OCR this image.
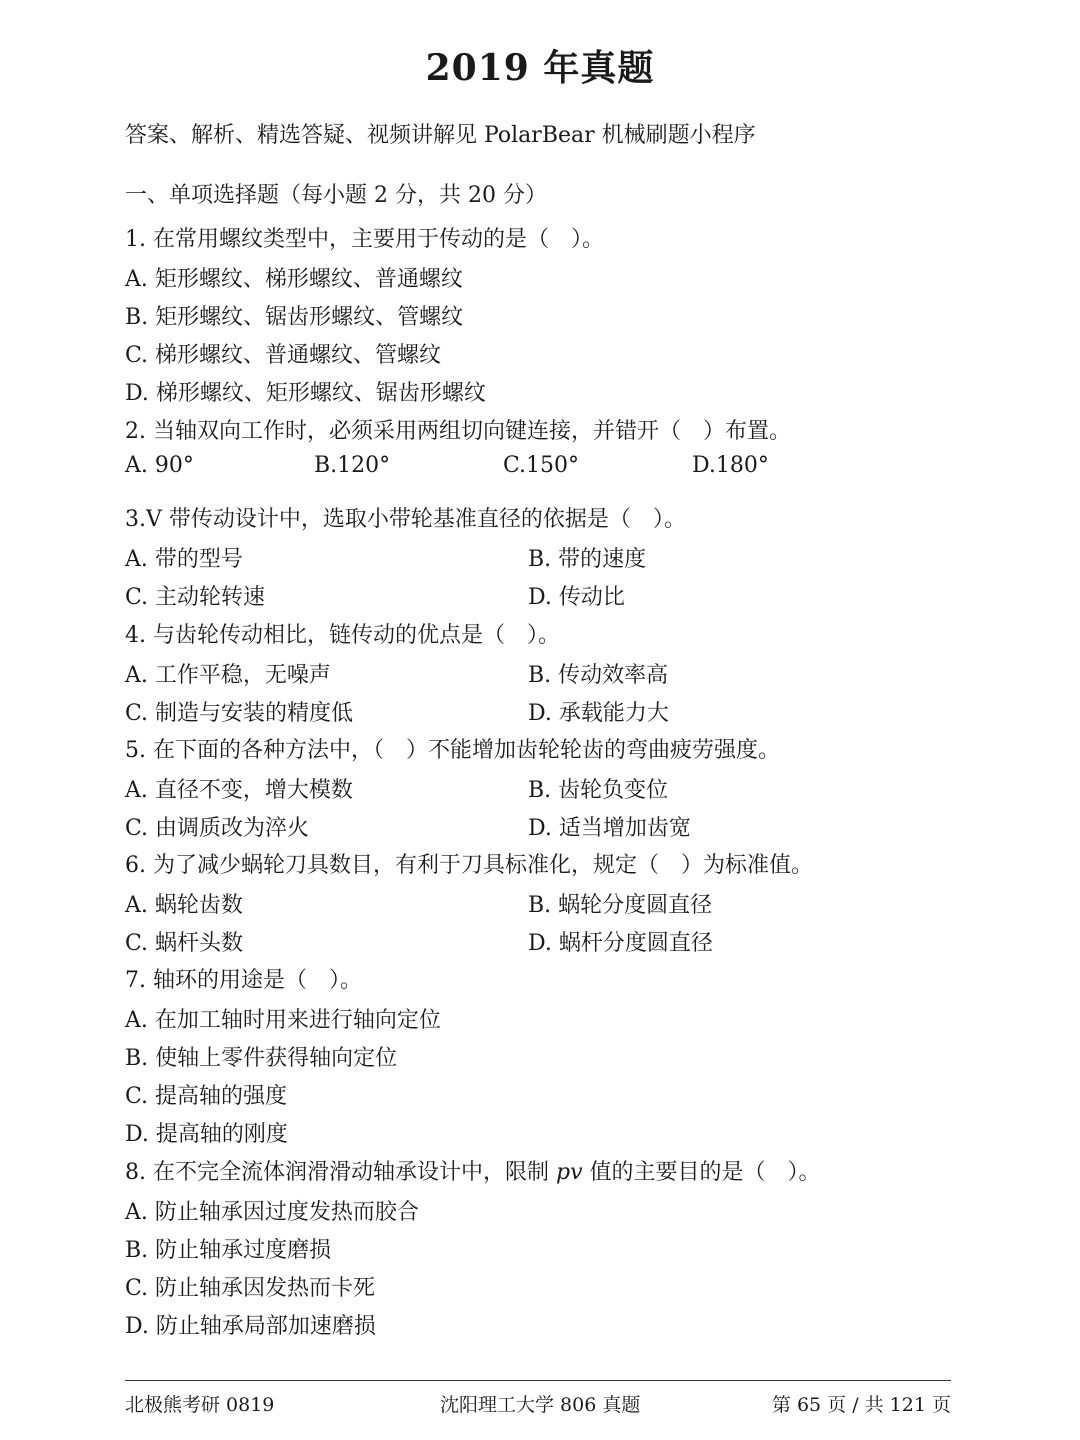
2019 年真题
答案、解析、精选答疑、视频讲解见 PolarBear 机械刷题小程序
一、单项选择题（每小题 2 分，共 20 分）
1. 在常用螺纹类型中，主要用于传动的是（　）。
A. 矩形螺纹、梯形螺纹、普通螺纹
B. 矩形螺纹、锯齿形螺纹、管螺纹
C. 梯形螺纹、普通螺纹、管螺纹
D. 梯形螺纹、矩形螺纹、锯齿形螺纹
2. 当轴双向工作时，必须采用两组切向键连接，并错开（　）布置。
A. 90°	B.120°	C.150°	D.180°
3.V 带传动设计中，选取小带轮基准直径的依据是（　）。
A. 带的型号	B. 带的速度
C. 主动轮转速	D. 传动比
4. 与齿轮传动相比，链传动的优点是（　）。
A. 工作平稳，无噪声	B. 传动效率高
C. 制造与安装的精度低	D. 承载能力大
5. 在下面的各种方法中，（　）不能增加齿轮轮齿的弯曲疲劳强度。
A. 直径不变，增大模数	B. 齿轮负变位
C. 由调质改为淬火	D. 适当增加齿宽
6. 为了减少蜗轮刀具数目，有利于刀具标准化，规定（　）为标准值。
A. 蜗轮齿数	B. 蜗轮分度圆直径
C. 蜗杆头数	D. 蜗杆分度圆直径
7. 轴环的用途是（　）。
A. 在加工轴时用来进行轴向定位
B. 使轴上零件获得轴向定位
C. 提高轴的强度
D. 提高轴的刚度
8. 在不完全流体润滑滑动轴承设计中，限制 pv 值的主要目的是（　）。
A. 防止轴承因过度发热而胶合
B. 防止轴承过度磨损
C. 防止轴承因发热而卡死
D. 防止轴承局部加速磨损
北极熊考研 0819	沈阳理工大学 806 真题	第 65 页 / 共 121 页
